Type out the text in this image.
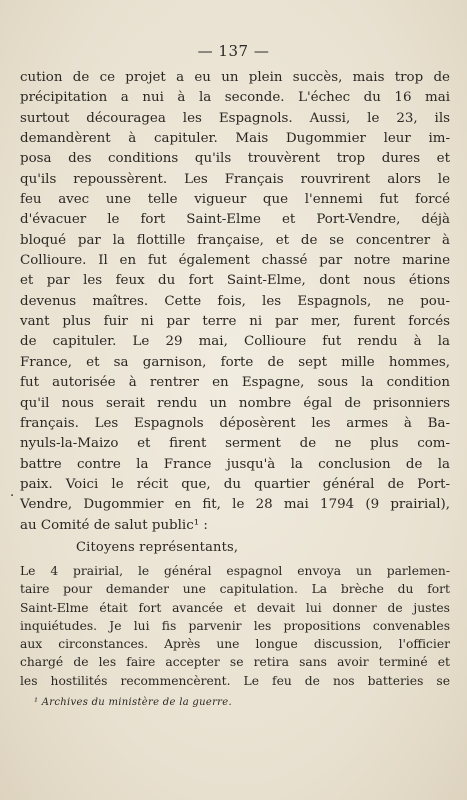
— 137 —
cution de ce projet a eu un plein succès, mais trop de
précipitation a nui à la seconde. L'échec du 16 mai
surtout découragea les Espagnols. Aussi, le 23, ils
demandèrent à capituler. Mais Dugommier leur im-
posa des conditions qu'ils trouvèrent trop dures et
qu'ils repoussèrent. Les Français rouvrirent alors le
feu avec une telle vigueur que l'ennemi fut forcé
d'évacuer le fort Saint-Elme et Port-Vendre, déjà
bloqué par la flottille française, et de se concentrer à
Collioure. Il en fut également chassé par notre marine
et par les feux du fort Saint-Elme, dont nous étions
devenus maîtres. Cette fois, les Espagnols, ne pou-
vant plus fuir ni par terre ni par mer, furent forcés
de capituler. Le 29 mai, Collioure fut rendu à la
France, et sa garnison, forte de sept mille hommes,
fut autorisée à rentrer en Espagne, sous la condition
qu'il nous serait rendu un nombre égal de prisonniers
français. Les Espagnols déposèrent les armes à Ba-
nyuls-la-Maizo et firent serment de ne plus com-
battre contre la France jusqu'à la conclusion de la
paix. Voici le récit que, du quartier général de Port-
Vendre, Dugommier en fit, le 28 mai 1794 (9 prairial),
au Comité de salut public¹ :
.
Citoyens représentants,
Le 4 prairial, le général espagnol envoya un parlemen-
taire pour demander une capitulation. La brèche du fort
Saint-Elme était fort avancée et devait lui donner de justes
inquiétudes. Je lui fis parvenir les propositions convenables
aux circonstances. Après une longue discussion, l'officier
chargé de les faire accepter se retira sans avoir terminé et
les hostilités recommencèrent. Le feu de nos batteries se
¹ Archives du ministère de la guerre.
